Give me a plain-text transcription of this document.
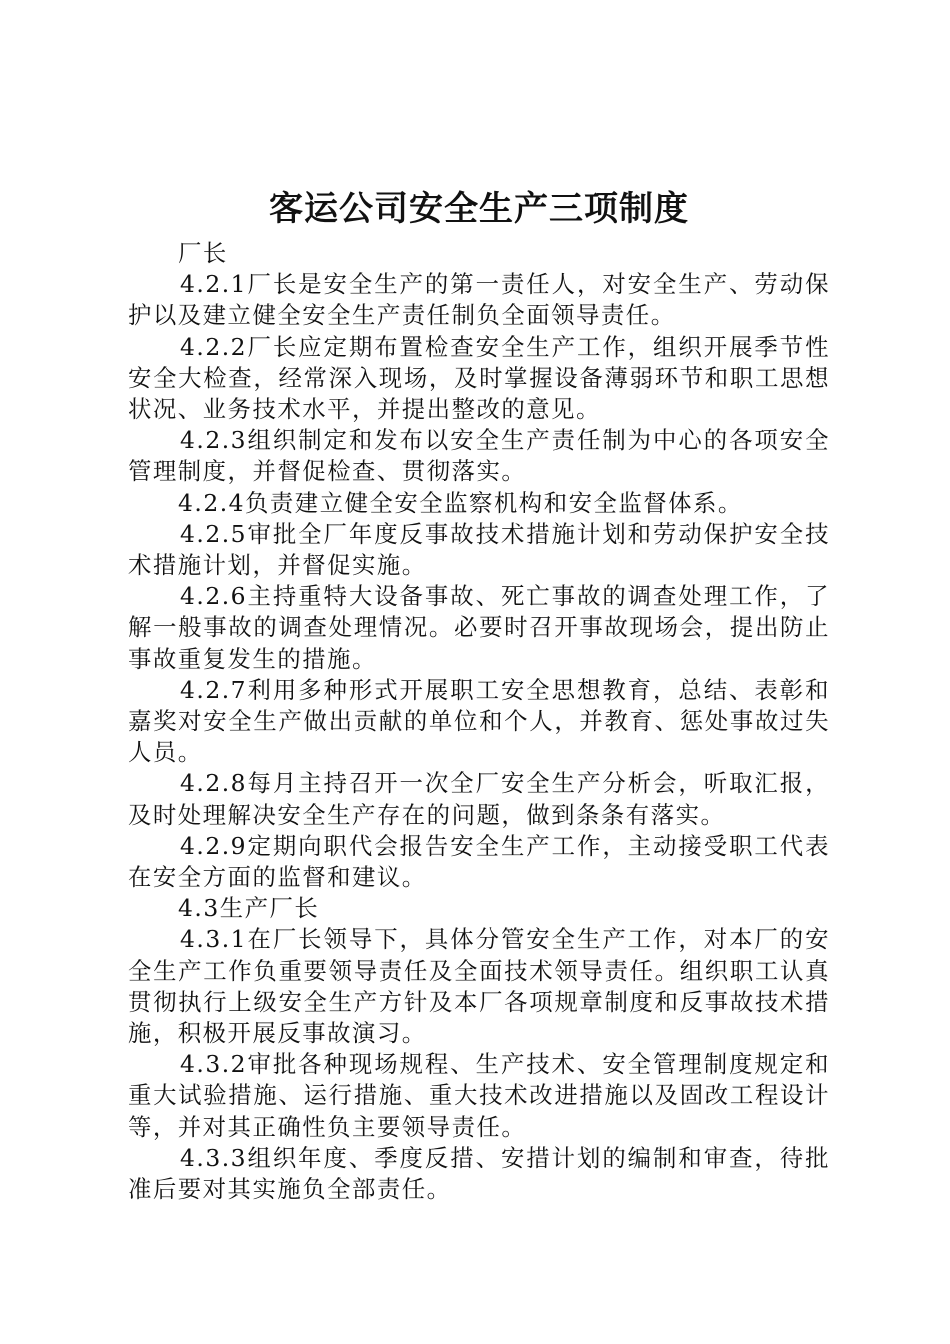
客运公司安全生产三项制度

厂长

4.2.1厂长是安全生产的第一责任人，对安全生产、劳动保护以及建立健全安全生产责任制负全面领导责任。

4.2.2厂长应定期布置检查安全生产工作，组织开展季节性安全大检查，经常深入现场，及时掌握设备薄弱环节和职工思想状况、业务技术水平，并提出整改的意见。

4.2.3组织制定和发布以安全生产责任制为中心的各项安全管理制度，并督促检查、贯彻落实。

4.2.4负责建立健全安全监察机构和安全监督体系。

4.2.5审批全厂年度反事故技术措施计划和劳动保护安全技术措施计划，并督促实施。

4.2.6主持重特大设备事故、死亡事故的调查处理工作，了解一般事故的调查处理情况。必要时召开事故现场会，提出防止事故重复发生的措施。

4.2.7利用多种形式开展职工安全思想教育，总结、表彰和嘉奖对安全生产做出贡献的单位和个人，并教育、惩处事故过失人员。

4.2.8每月主持召开一次全厂安全生产分析会，听取汇报，及时处理解决安全生产存在的问题，做到条条有落实。

4.2.9定期向职代会报告安全生产工作，主动接受职工代表在安全方面的监督和建议。

4.3生产厂长

4.3.1在厂长领导下，具体分管安全生产工作，对本厂的安全生产工作负重要领导责任及全面技术领导责任。组织职工认真贯彻执行上级安全生产方针及本厂各项规章制度和反事故技术措施，积极开展反事故演习。

4.3.2审批各种现场规程、生产技术、安全管理制度规定和重大试验措施、运行措施、重大技术改进措施以及固改工程设计等，并对其正确性负主要领导责任。

4.3.3组织年度、季度反措、安措计划的编制和审查，待批准后要对其实施负全部责任。
